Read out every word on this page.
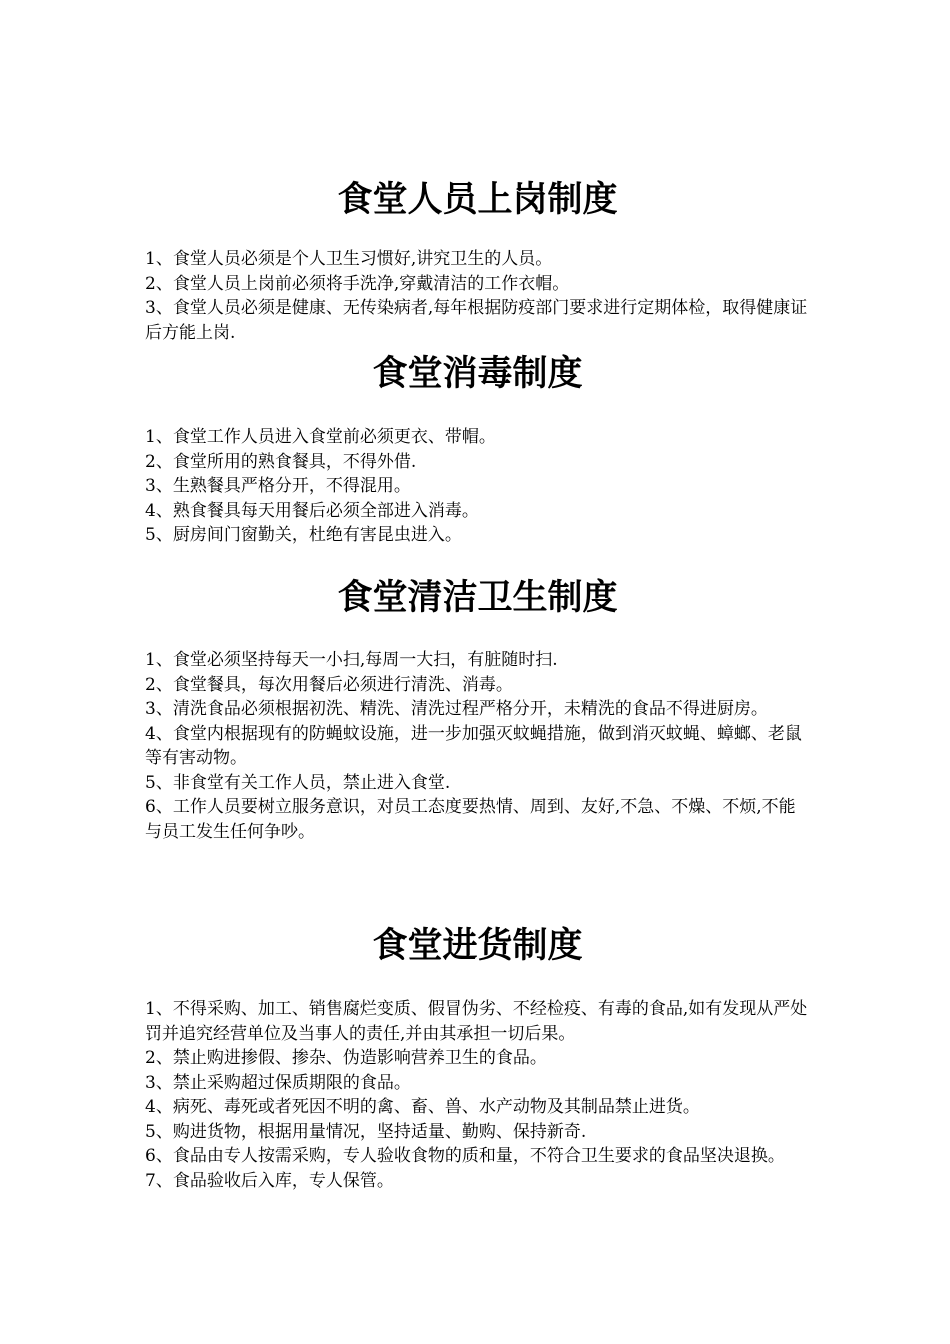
食堂人员上岗制度
1、食堂人员必须是个人卫生习惯好,讲究卫生的人员。
2、食堂人员上岗前必须将手洗净,穿戴清洁的工作衣帽。
3、食堂人员必须是健康、无传染病者,每年根据防疫部门要求进行定期体检，取得健康证后方能上岗.
食堂消毒制度
1、食堂工作人员进入食堂前必须更衣、带帽。
2、食堂所用的熟食餐具，不得外借.
3、生熟餐具严格分开，不得混用。
4、熟食餐具每天用餐后必须全部进入消毒。
5、厨房间门窗勤关，杜绝有害昆虫进入。
食堂清洁卫生制度
1、食堂必须坚持每天一小扫,每周一大扫，有脏随时扫.
2、食堂餐具，每次用餐后必须进行清洗、消毒。
3、清洗食品必须根据初洗、精洗、清洗过程严格分开，未精洗的食品不得进厨房。
4、食堂内根据现有的防蝇蚊设施，进一步加强灭蚊蝇措施，做到消灭蚊蝇、蟑螂、老鼠等有害动物。
5、非食堂有关工作人员，禁止进入食堂.
6、工作人员要树立服务意识，对员工态度要热情、周到、友好,不急、不燥、不烦,不能与员工发生任何争吵。
食堂进货制度
1、不得采购、加工、销售腐烂变质、假冒伪劣、不经检疫、有毒的食品,如有发现从严处罚并追究经营单位及当事人的责任,并由其承担一切后果。
2、禁止购进掺假、掺杂、伪造影响营养卫生的食品。
3、禁止采购超过保质期限的食品。
4、病死、毒死或者死因不明的禽、畜、兽、水产动物及其制品禁止进货。
5、购进货物，根据用量情况，坚持适量、勤购、保持新奇.
6、食品由专人按需采购，专人验收食物的质和量，不符合卫生要求的食品坚决退换。
7、食品验收后入库，专人保管。
